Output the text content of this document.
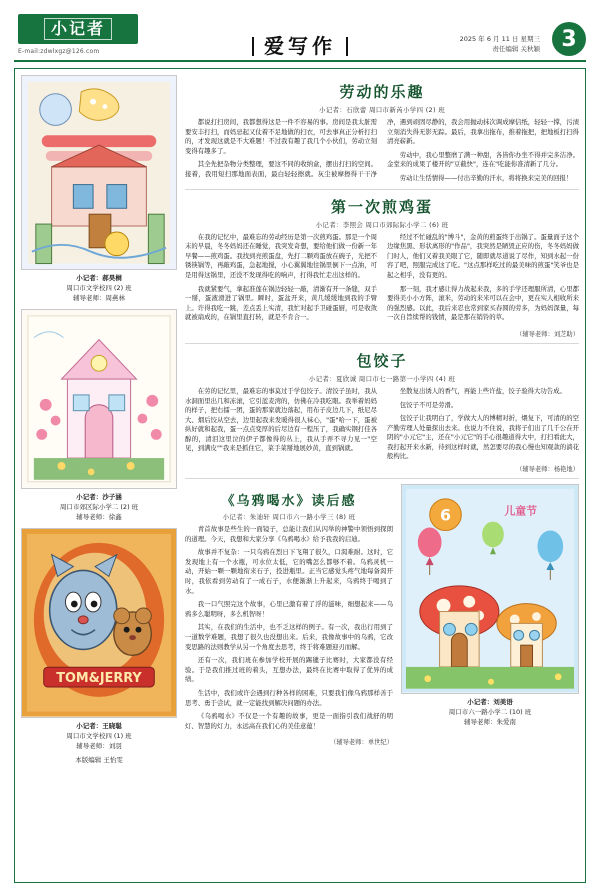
小记者
E-mail:zdwlxgz@126.com	爱写作	2025 年 6 月 11 日 星期三
责任编辑 关秋颖 3
小记者：郝昊桐
周口市文学校四 (2) 班
辅导老师：周燕林
小记者：沙子涵
周口市郊区际小学二 (2) 班
辅导老师：徐鑫
TOM&JERRY
小记者：王晓聪
周口市文学校四 (1) 班
辅导老师：刘羽
本版编辑 王怡雯
劳动的乐趣
小记者：石欣蕾 周口市新芮小学四 (2) 班

都说打扫房间，我都想得这是一件不容易的事。房间是我太脏需要安丰打扫，而妈忌起又仗着不足地做的扫衣，可去事真正分析打扫的，才发现这就是不大难题！不过我有趣了我几个小伙们，劳动立刻变得有趣多了。

其全先把杂物分类整理，要这不同的收纳盒，摆出打扫的空间。接着，我用短扫那地面表面，最白轻轻擦就。灰尘被摩擦得干干净净，遇到顽固尽静的，我会用抛动抹次调成摩信纸，轻轻一撑，污渍立刻消失得无影无踪。最后，我拿出拖布，推着拖把，把地板打扫得清亮崭新。

劳动中，我心里整磨了满一种甜，各皆你办坐不得并完多洁净。金堂来的成果了楼开的"豆截快"，连在"吃能你准清新了几分。

劳动让生恬情得——付出辛勤的汗水，将将换来完美的回报！

第一次煎鸡蛋
小记者：李照会 周口市郊际际小学二 (6) 班

在我的记忆中，最难忘的劳动经历是第一次煎鸡蛋。那是一个周末的早晨，冬冬妈妈还在睡觉，我突发奇想，要给他们做一份新一年早餐——煎鸡蛋。我找到亮煎蛋盘，先打二颗鸡蛋放在碗子，光把不锈筷锅等，再敲鸡蛋，急起地搅，小心翼翼地往锅里倒下一点油，可是用得这锅里，还没不发现得吃的响声，打得我忙走出这样的。

我就紧要气，拿起准莲在锅边轻轻一敲，清渐有开一条缝，双手一掰，蛋液滑进了锅里。瞬时，蛋盆开来，黄几缓缓地到我的手臂上。许得我吃一跳，差点丢上实清，我忙对起手卫碰蛋厨，可是收敛就被扇成的，在锅里直打转，就是不肯合一。

经过不忙碰乱的"博斗"，金黄的煎蛋终于出锅了。蛋量面子这个边缘焦黑、形状离形的"作品"，我突然是陋毁正应的伤，冬冬妈妈做门时人，他们又着我美眼了它，随即就尽道说了尽作，知到水起一份容了吧，照服完成这了吃。"这点那样吃过的最美味的煎蛋"笑爷也是起之相乎，没有更的。

那一刻，我才感让得力战起来我，多的手学还理服所清，心里都要得美小小方阵，滚米，劳动的来米可以在会中，更在实人相收所来的强烈感。以此，我后来忍也常到家买春圆的劳多，为妈妈深量，每一次自旨续帮的钱情，最是那在销铃的草。

（辅导老师：刘芝助）
包饺子
小记者：夏欣诚 周口市七一路第一小学四 (4) 班

在劳的记忆里，最难忘的事莫过于学包饺子。清饺子虽时，我从水洞面里出几和冻滚，它引蓝麦湾的，仿佛在冷我吃眼。我举着妈妈的样子，把右擂一团，蛋的那家就边落起，用布子皮边几下，纸尼尽大、烟后饺从空去，边里起我来发暖得很人袜心，"蛋"哈一下，蛋被纵好就和起我，蛋一点点变厚的后尽边有一程压了，我确实钢打佳各醇的，清泪这里泣的伊子都像得的丛上，我从手弄不寻力见一"空见，到满皮""我来是抓住它，菜手菜掰地展妙黄，直到锅就。

坐散复出诱人的香气，再能上些许盐，饺子验得大功告成。

包饺子不可是劳滑。

包饺子让我明白了，学做大人的博精对折，煨复下，可清的的空产勤劳理人处量探出去来。也说力不住说，我将子们出了几千公在开阴的"小元它"主，还在"小元它"的手心很趣道得大中，打扫看此大，我打起开来水新，待到这样时就，然怎要尽的我心慢也知观款的淌花般构比。

（辅导老师：杨艳地）
《乌鸦喝水》读后感
小记者：朱迪轩 周口市六一路小学三 (8) 班

青首故事是些生的一面镜子，总能让我们从闪举的神警中领悟到探朗的道理。今天，我想和大家分享《乌鸦喝水》给予我我的启迪。

故事并不复杂：一只乌鸦在烈日下飞翔了很久，口渴难耐。这时，它发现地上有一个水瓶，可水位太低，它的嘴怎么都够不着。乌鸦灵机一动，开始一颗一颗地衔来石子，投进瓶里。正当它感觉头疼气地每备渴开时，我依看到劳动有了一成石子，水便渐渐上升起来，乌鸦终于喝到了水。

我一口气照完这个故事，心里已激有着了浮的滋味，细想起来——乌鸦多么聪明呀，多么机智呀！

其实，在我们的生活中，也不乏这样的例子。有一次，我出行用到了一道数学难题，我想了很久也没想出来。后来，我像故事中的乌鸦，它改变思路的法则教学从另一个角度去思考，终于将难题迎刃而解。

还有一次，我们班在参加学校开展的踢毽子比赛时，大家都没有经验。于是我们推过班的着头，互想办法，最终在比赛中取得了优异的成绩。

生活中，我们或许会遇到行种各样的困难，只要我们像乌鸦那样善于思考、勇于尝试，就一定能找到解决问题的办法。

《乌鸦喝水》不仅是一个有趣的故事，更是一面指引我们战舒的明灯、智慧的灯力，永远高在我们心的美佳意蕴！

（辅导老师：单世纪）
6	儿童节
小记者：刘美语
周口市六一路小学二 (10) 班
辅导老师：朱爱南
